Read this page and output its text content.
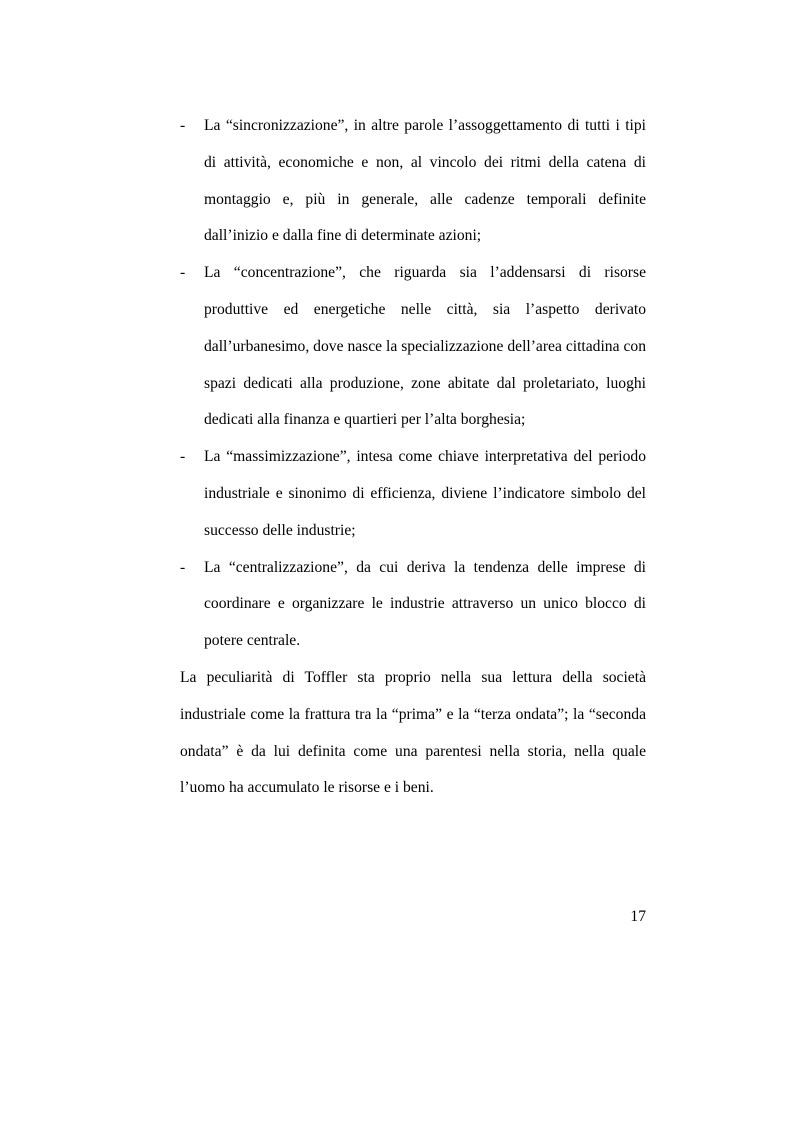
- La “sincronizzazione”, in altre parole l’assoggettamento di tutti i tipi di attività, economiche e non, al vincolo dei ritmi della catena di montaggio e, più in generale, alle cadenze temporali definite dall’inizio e dalla fine di determinate azioni;
- La “concentrazione”, che riguarda sia l’addensarsi di risorse produttive ed energetiche nelle città, sia l’aspetto derivato dall’urbanesimo, dove nasce la specializzazione dell’area cittadina con spazi dedicati alla produzione, zone abitate dal proletariato, luoghi dedicati alla finanza e quartieri per l’alta borghesia;
- La “massimizzazione”, intesa come chiave interpretativa del periodo industriale e sinonimo di efficienza, diviene l’indicatore simbolo del successo delle industrie;
- La “centralizzazione”, da cui deriva la tendenza delle imprese di coordinare e organizzare le industrie attraverso un unico blocco di potere centrale.

La peculiarità di Toffler sta proprio nella sua lettura della società industriale come la frattura tra la “prima” e la “terza ondata”; la “seconda ondata” è da lui definita come una parentesi nella storia, nella quale l’uomo ha accumulato le risorse e i beni.

17
